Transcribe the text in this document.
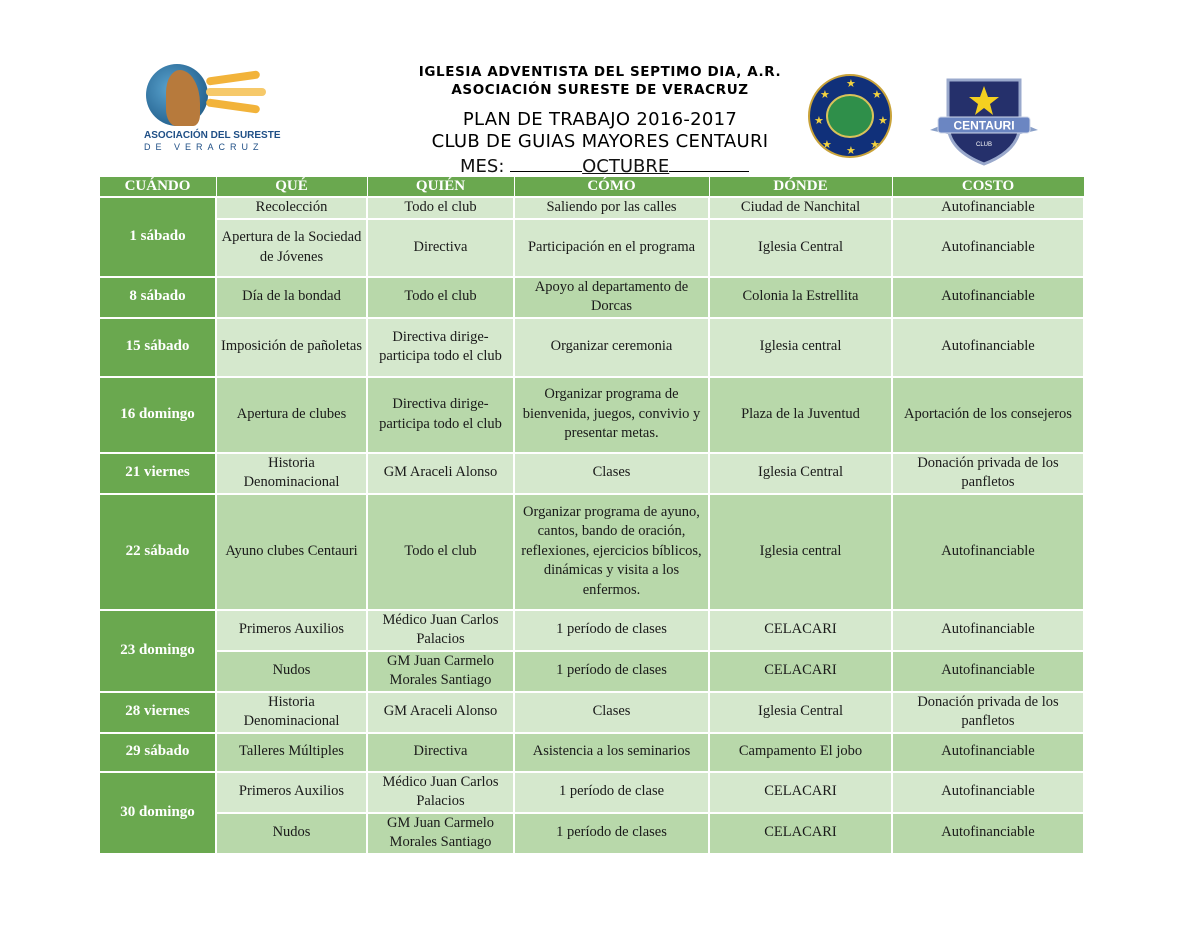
ASOCIACIÓN DEL SURESTE
DE VERACRUZ
IGLESIA ADVENTISTA DEL SEPTIMO DIA, A.R.
ASOCIACIÓN SURESTE DE VERACRUZ
PLAN DE TRABAJO 2016-2017
CLUB DE GUIAS MAYORES CENTAURI
MES:	OCTUBRE
★
★	★
★	★
★	★
★
CENTAURI
CLUB
CUÁNDO	QUÉ	QUIÉN	CÓMO	DÓNDE	COSTO
1 sábado	Recolección	Todo el club	Saliendo por las calles	Ciudad de Nanchital	Autofinanciable
	Apertura de la Sociedad de Jóvenes	Directiva	Participación en el programa	Iglesia Central	Autofinanciable
8 sábado	Día de la bondad	Todo el club	Apoyo al departamento de Dorcas	Colonia la Estrellita	Autofinanciable
15 sábado	Imposición de pañoletas	Directiva dirige-participa todo el club	Organizar ceremonia	Iglesia central	Autofinanciable
16 domingo	Apertura de clubes	Directiva dirige-participa todo el club	Organizar programa de bienvenida, juegos, convivio y presentar metas.	Plaza de la Juventud	Aportación de los consejeros
21 viernes	Historia Denominacional	GM Araceli Alonso	Clases	Iglesia Central	Donación privada de los panfletos
22 sábado	Ayuno clubes Centauri	Todo el club	Organizar programa de ayuno, cantos, bando de oración, reflexiones, ejercicios bíblicos, dinámicas y visita a los enfermos.	Iglesia central	Autofinanciable
23 domingo	Primeros Auxilios	Médico Juan Carlos Palacios	1 período de clases	CELACARI	Autofinanciable
	Nudos	GM Juan Carmelo Morales Santiago	1 período de clases	CELACARI	Autofinanciable
28 viernes	Historia Denominacional	GM Araceli Alonso	Clases	Iglesia Central	Donación privada de los panfletos
29 sábado	Talleres Múltiples	Directiva	Asistencia a los seminarios	Campamento El jobo	Autofinanciable
30 domingo	Primeros Auxilios	Médico Juan Carlos Palacios	1 período de clase	CELACARI	Autofinanciable
	Nudos	GM Juan Carmelo Morales Santiago	1 período de clases	CELACARI	Autofinanciable
